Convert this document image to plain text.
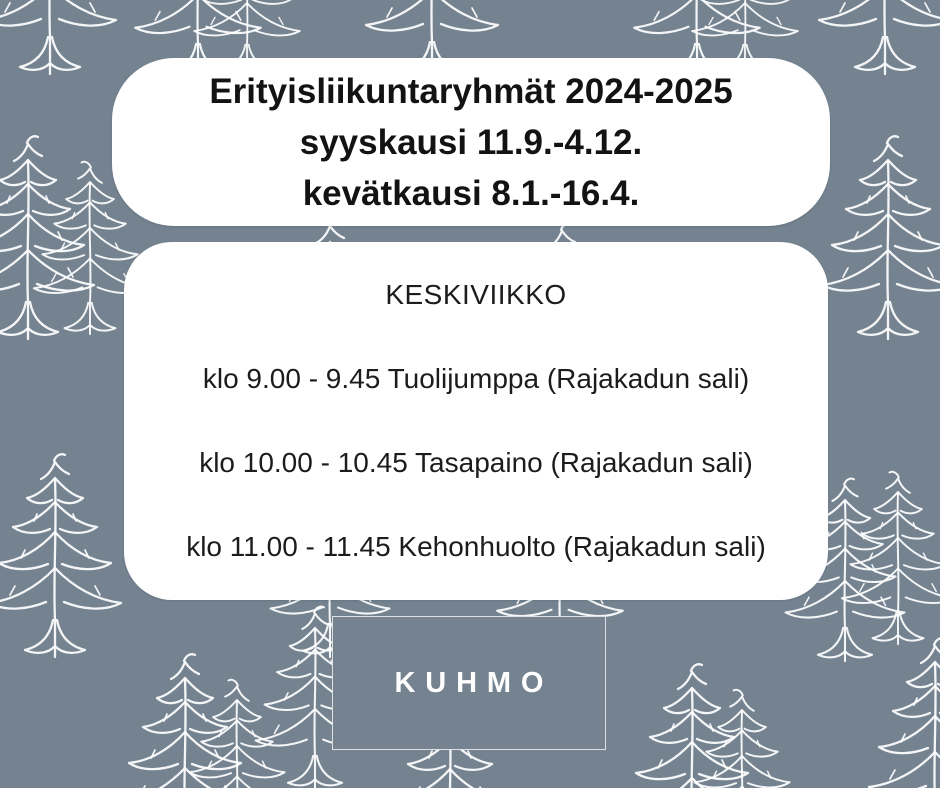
Erityisliikuntaryhmät 2024-2025
syyskausi 11.9.-4.12.
kevätkausi 8.1.-16.4.
KESKIVIIKKO
klo 9.00 - 9.45 Tuolijumppa (Rajakadun sali)
klo 10.00 - 10.45 Tasapaino (Rajakadun sali)
klo 11.00 - 11.45 Kehonhuolto (Rajakadun sali)
KUHMO
